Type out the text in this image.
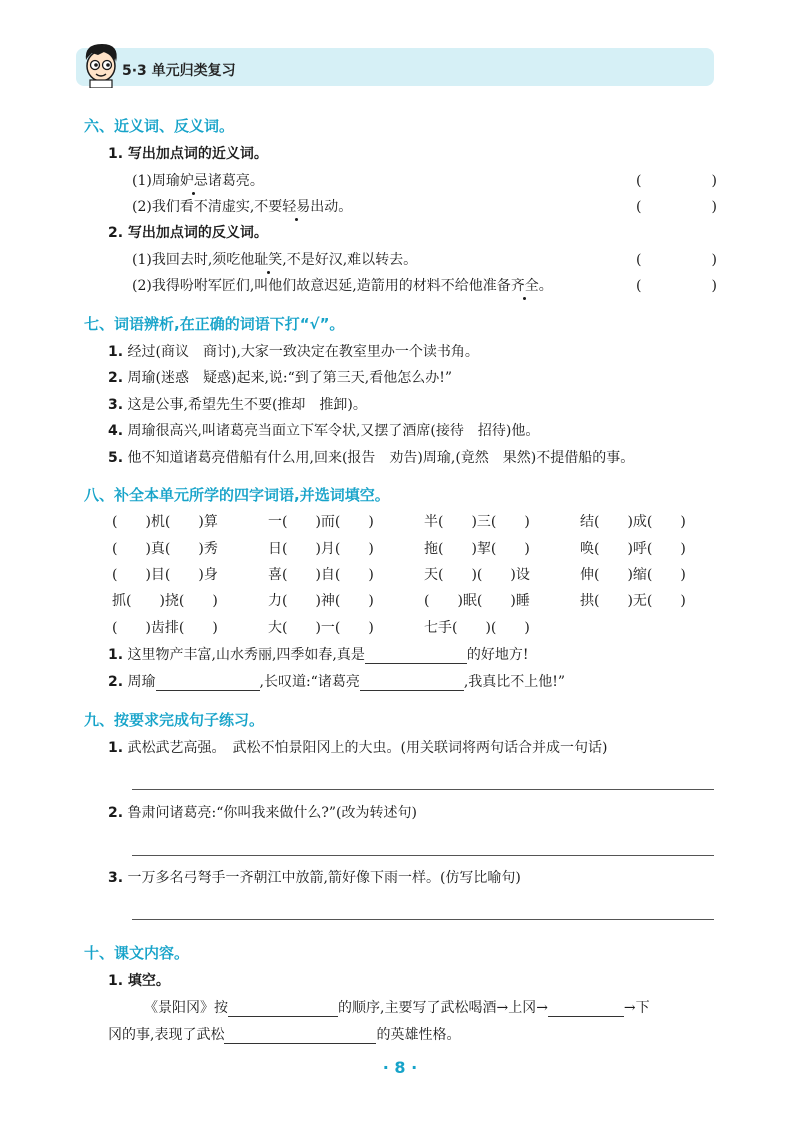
5·3 单元归类复习
六、近义词、反义词。
1. 写出加点词的近义词。
(1)周瑜妒忌诸葛亮。	(　　　　　)
(2)我们看不清虚实,不要轻易出动。	(　　　　　)
2. 写出加点词的反义词。
(1)我回去时,须吃他耻笑,不是好汉,难以转去。	(　　　　　)
(2)我得吩咐军匠们,叫他们故意迟延,造箭用的材料不给他准备齐全。	(　　　　　)
七、词语辨析,在正确的词语下打“√”。
1. 经过(商议　商讨),大家一致决定在教室里办一个读书角。
2. 周瑜(迷惑　疑惑)起来,说:“到了第三天,看他怎么办!”
3. 这是公事,希望先生不要(推却　推卸)。
4. 周瑜很高兴,叫诸葛亮当面立下军令状,又摆了酒席(接待　招待)他。
5. 他不知道诸葛亮借船有什么用,回来(报告　劝告)周瑜,(竟然　果然)不提借船的事。
八、补全本单元所学的四字词语,并选词填空。
(　　)机(　　)算	一(　　)而(　　)	半(　　)三(　　)	结(　　)成(　　)
(　　)真(　　)秀	日(　　)月(　　)	拖(　　)挈(　　)	唤(　　)呼(　　)
(　　)目(　　)身	喜(　　)自(　　)	天(　　)(　　)设	伸(　　)缩(　　)
抓(　　)挠(　　)	力(　　)神(　　)	(　　)眠(　　)睡	拱(　　)无(　　)
(　　)齿排(　　)	大(　　)一(　　)	七手(　　)(　　)
1. 这里物产丰富,山水秀丽,四季如春,真是	的好地方!
2. 周瑜	,长叹道:“诸葛亮	,我真比不上他!”
九、按要求完成句子练习。
1. 武松武艺高强。　武松不怕景阳冈上的大虫。(用关联词将两句话合并成一句话)
2. 鲁肃问诸葛亮:“你叫我来做什么?”(改为转述句)
3. 一万多名弓弩手一齐朝江中放箭,箭好像下雨一样。(仿写比喻句)
十、课文内容。
1. 填空。
《景阳冈》按	的顺序,主要写了武松喝酒→上冈→	→下
冈的事,表现了武松	的英雄性格。
· 8 ·
